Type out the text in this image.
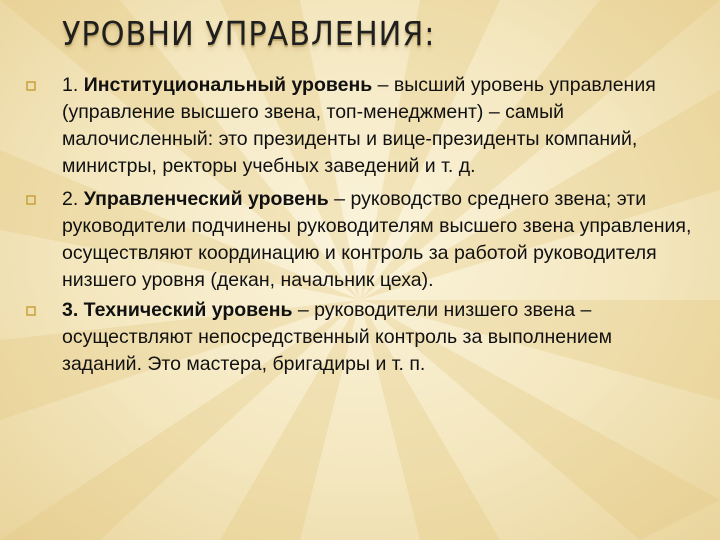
УРОВНИ УПРАВЛЕНИЯ:
1. Институциональный уровень – высший уровень управления (управление высшего звена, топ-менеджмент) – самый малочисленный: это президенты и вице-президенты компаний, министры, ректоры учебных заведений и т. д.
2. Управленческий уровень – руководство среднего звена; эти руководители подчинены руководителям высшего звена управления, осуществляют координацию и контроль за работой руководителя низшего уровня (декан, начальник цеха).
3. Технический уровень – руководители низшего звена – осуществляют непосредственный контроль за выполнением заданий. Это мастера, бригадиры и т. п.
